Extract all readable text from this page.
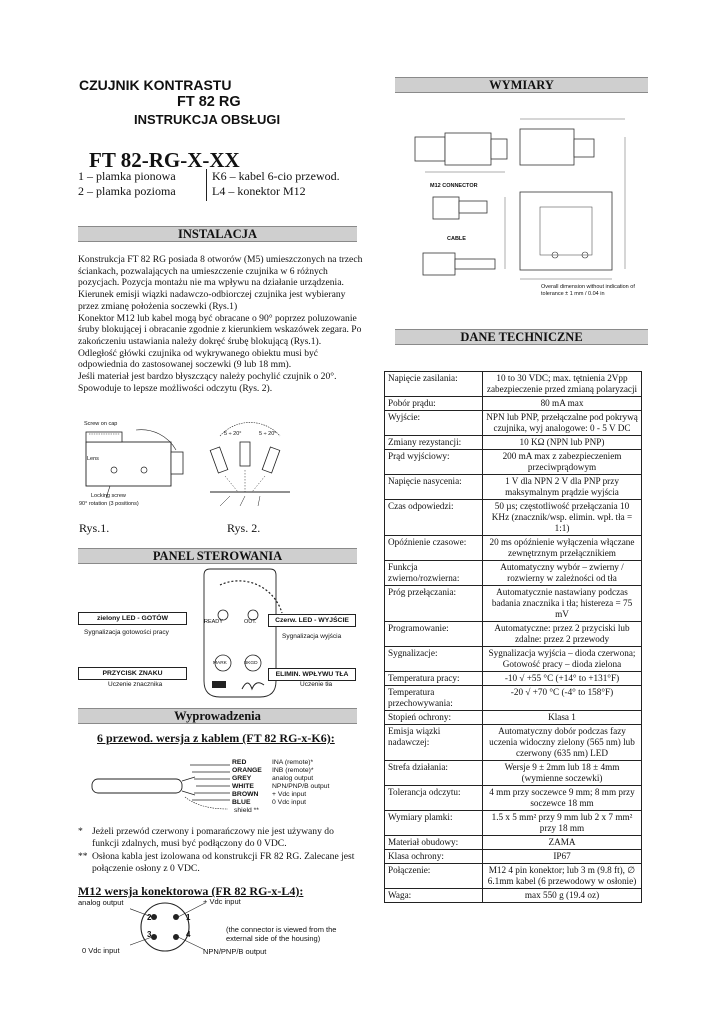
CZUJNIK KONTRASTU
FT 82 RG
INSTRUKCJA OBSŁUGI
FT 82-RG-X-XX
1 – plamka pionowa
2 – plamka pozioma
K6 – kabel 6-cio przewod.
L4 – konektor M12
INSTALACJA
Konstrukcja FT 82 RG posiada 8 otworów (M5) umieszczonych na trzech ściankach, pozwalających na umieszczenie czujnika w 6 różnych pozycjach. Pozycja montażu nie ma wpływu na działanie urządzenia.
Kierunek emisji wiązki nadawczo-odbiorczej czujnika jest wybierany przez zmianę położenia soczewki (Rys.1)
Konektor M12 lub kabel mogą być obracane o 90° poprzez poluzowanie śruby blokującej i obracanie zgodnie z kierunkiem wskazówek zegara. Po zakończeniu ustawiania należy dokręć śrubę blokującą (Rys.1).
Odległość główki czujnika od wykrywanego obiektu musi być odpowiednia do zastosowanej soczewki (9 lub 18 mm).
Jeśli materiał jest bardzo błyszczący należy pochylić czujnik o 20°. Spowoduje to lepsze możliwości odczytu (Rys. 2).
Screw on cap
Lens
Locking screw
90° rotation (3 positions)
Rys.1.
5 ÷ 20°	5 ÷ 20°
Rys. 2.
PANEL STEROWANIA
READY	OUT.
MARK	BKGD
zielony LED - GOTÓW
Sygnalizacja gotowości pracy
Czerw. LED - WYJŚCIE
Sygnalizacja wyjścia
PRZYCISK ZNAKU
Uczenie znacznika
ELIMIN. WPŁYWU TŁA
Uczenie tła
Wyprowadzenia
6 przewod. wersja z kablem (FT 82 RG-x-K6):
RED	INA (remote)*
ORANGE INB (remote)*
GREY	analog output
WHITE	NPN/PNP/B output
BROWN + Vdc input
BLUE	0 Vdc input
shield **
* Jeżeli przewód czerwony i pomarańczowy nie jest używany do funkcji zdalnych, musi być podłączony do 0 VDC.
** Osłona kabla jest izolowana od konstrukcji FR 82 RG. Zalecane jest połączenie osłony z 0 VDC.
M12 wersja konektorowa (FR 82 RG-x-L4):
2	1
3	4
analog output	+ Vdc input
0 Vdc input	NPN/PNP/B output
(the connector is viewed from the external side of the housing)
WYMIARY
M12 CONNECTOR
CABLE
Overall dimension without indication of tolerance ± 1 mm / 0.04 in
DANE TECHNICZNE
Napięcie zasilania:	10 to 30 VDC; max. tętnienia 2Vpp zabezpieczenie przed zmianą polaryzacji
Pobór prądu:	80 mA max
Wyjście:	NPN lub PNP, przełączalne pod pokrywą czujnika, wyj analogowe: 0 - 5 V DC
Zmiany rezystancji:	10 KΩ (NPN lub PNP)
Prąd wyjściowy:	200 mA max z zabezpieczeniem przeciwprądowym
Napięcie nasycenia:	1 V dla NPN 2 V dla PNP przy maksymalnym prądzie wyjścia
Czas odpowiedzi:	50 µs; częstotliwość przełączania 10 KHz (znacznik/wsp. elimin. wpł. tła = 1:1)
Opóźnienie czasowe:	20 ms opóźnienie wyłączenia włączane zewnętrznym przełącznikiem
Funkcja zwierno/rozwierna:	Automatyczny wybór – zwierny / rozwierny w zależności od tła
Próg przełączania:	Automatycznie nastawiany podczas badania znacznika i tła; histereza = 75 mV
Programowanie:	Automatyczne: przez 2 przyciski lub zdalne: przez 2 przewody
Sygnalizacje:	Sygnalizacja wyjścia – dioda czerwona; Gotowość pracy – dioda zielona
Temperatura pracy:	-10 √ +55 °C (+14° to +131°F)
Temperatura przechowywania:	-20 √ +70 °C (-4° to 158°F)
Stopień ochrony:	Klasa 1
Emisja wiązki nadawczej:	Automatyczny dobór podczas fazy uczenia widoczny zielony (565 nm) lub czerwony (635 nm) LED
Strefa działania:	Wersje 9 ± 2mm lub 18 ± 4mm (wymienne soczewki)
Tolerancja odczytu:	4 mm przy soczewce 9 mm; 8 mm przy soczewce 18 mm
Wymiary plamki:	1.5 x 5 mm² przy 9 mm lub 2 x 7 mm² przy 18 mm
Materiał obudowy:	ZAMA
Klasa ochrony:	IP67
Połączenie:	M12 4 pin konektor; lub 3 m (9.8 ft), ∅ 6.1mm kabel (6 przewodowy w osłonie)
Waga:	max 550 g (19.4 oz)
